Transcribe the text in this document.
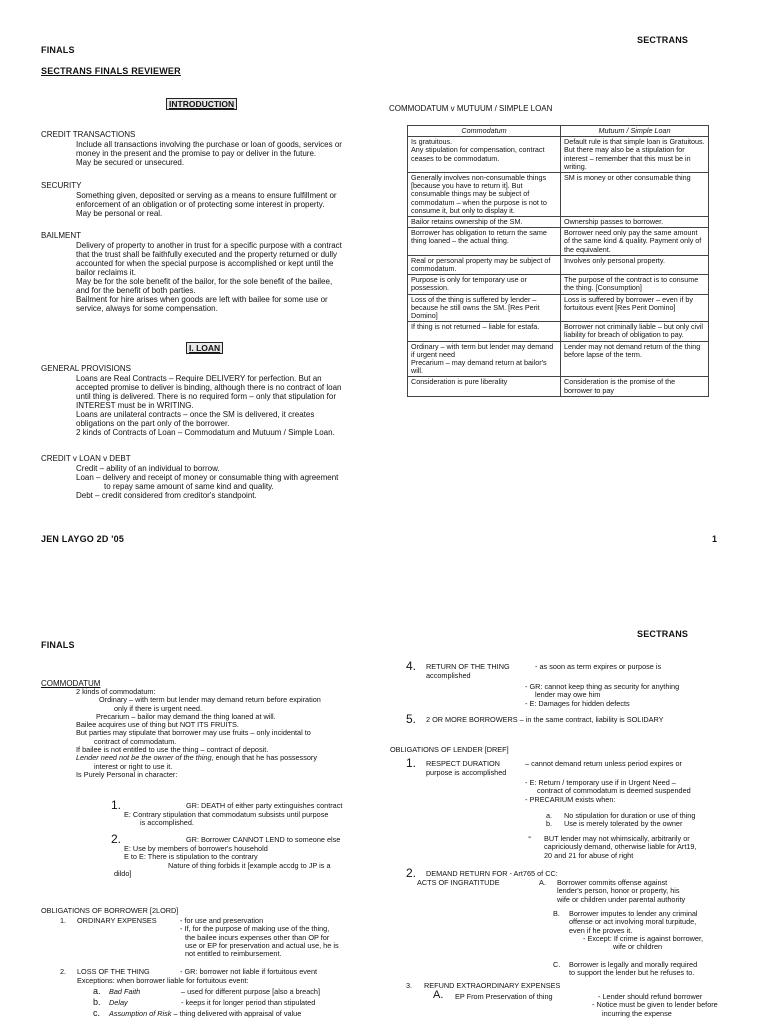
FINALS
SECTRANS
SECTRANS FINALS REVIEWER
INTRODUCTION
CREDIT TRANSACTIONS
Include all transactions involving the purchase or loan of goods, services or
money in the present and the promise to pay or deliver in the future.
May be secured or unsecured.
SECURITY
Something given, deposited or serving as a means to ensure fulfillment or
enforcement of an obligation or of protecting some interest in property.
May be personal or real.
BAILMENT
Delivery of property to another in trust for a specific purpose with a contract
that the trust shall be faithfully executed and the property returned or dully
accounted for when the special purpose is accomplished or kept until the
bailor reclaims it.
May be for the sole benefit of the bailor, for the sole benefit of the bailee,
and for the benefit of both parties.
Bailment for hire arises when goods are left with bailee for some use or
service, always for some compensation.
I. LOAN
GENERAL PROVISIONS
Loans are Real Contracts – Require DELIVERY for perfection. But an
accepted promise to deliver is binding, although there is no contract of loan
until thing is delivered. There is no required form – only that stipulation for
INTEREST must be in WRITING.
Loans are unilateral contracts – once the SM is delivered, it creates
obligations on the part only of the borrower.
2 kinds of Contracts of Loan – Commodatum and Mutuum / Simple Loan.
CREDIT v LOAN v DEBT
Credit – ability of an individual to borrow.
Loan – delivery and receipt of money or consumable thing with agreement
to repay same amount of same kind and quality.
Debt – credit considered from creditor's standpoint.
COMMODATUM v MUTUUM / SIMPLE LOAN
Commodatum	Mutuum / Simple Loan
Is gratuitous.
Any stipulation for compensation, contract ceases to be commodatum.	Default rule is that simple loan is Gratuitous. But there may also be a stipulation for interest – remember that this must be in writing.
Generally involves non-consumable things [because you have to return it]. But consumable things may be subject of commodatum – when the purpose is not to consume it, but only to display it.	SM is money or other consumable thing
Bailor retains ownership of the SM.	Ownership passes to borrower.
Borrower has obligation to return the same thing loaned – the actual thing.	Borrower need only pay the same amount of the same kind & quality. Payment only of the equivalent.
Real or personal property may be subject of commodatum.	Involves only personal property.
Purpose is only for temporary use or possession.	The purpose of the contract is to consume the thing. [Consumption]
Loss of the thing is suffered by lender – because he still owns the SM. [Res Perit Domino]	Loss is suffered by borrower – even if by fortuitous event [Res Perit Domino]
If thing is not returned – liable for estafa.	Borrower not criminally liable – but only civil liability for breach of obligation to pay.
Ordinary – with term but lender may demand if urgent need
Precarium – may demand return at bailor's will.	Lender may not demand return of the thing before lapse of the term.
Consideration is pure liberality	Consideration is the promise of the borrower to pay
JEN LAYGO 2D '05	1
FINALS
SECTRANS
COMMODATUM
2 kinds of commodatum:
Ordinary – with term but lender may demand return before expiration
only if there is urgent need.
Precarium – bailor may demand the thing loaned at will.
Bailee acquires use of thing but NOT ITS FRUITS.
But parties may stipulate that borrower may use fruits – only incidental to
contract of commodatum.
If bailee is not entitled to use the thing – contract of deposit.
Lender need not be the owner of the thing, enough that he has possessory
interest or right to use it.
Is Purely Personal in character:
1.	GR: DEATH of either party extinguishes contract
E: Contrary stipulation that commodatum subsists until purpose
is accomplished.
2.	GR: Borrower CANNOT LEND to someone else
E: Use by members of borrower's household
E to E: There is stipulation to the contrary
Nature of thing forbids it [example accdg to JP is a
dildo]
OBLIGATIONS OF BORROWER [2LORD]
1. ORDINARY EXPENSES	- for use and preservation
- If, for the purpose of making use of the thing,
the bailee incurs expenses other than OP for
use or EP for preservation and actual use, he is
not entitled to reimbursement.
2. LOSS OF THE THING	- GR: borrower not liable if fortuitous event
Exceptions: when borrower liable for fortuitous event:
a. Bad Faith	– used for different purpose [also a breach]
b. Delay	- keeps it for longer period than stipulated
c. Assumption of Risk – thing delivered with appraisal of value
4. RETURN OF THE THING	- as soon as term expires or purpose is
accomplished
- GR: cannot keep thing as security for anything
lender may owe him
- E: Damages for hidden defects
5. 2 OR MORE BORROWERS – in the same contract, liability is SOLIDARY
OBLIGATIONS OF LENDER [DREF]
1. RESPECT DURATION	– cannot demand return unless period expires or
purpose is accomplished
- E: Return / temporary use if in Urgent Need –
contract of commodatum is deemed suspended
- PRECARIUM exists when:
a. No stipulation for duration or use of thing
b. Use is merely tolerated by the owner
- BUT lender may not whimsically, arbitrarily or
capriciously demand, otherwise liable for Art19,
20 and 21 for abuse of right
2. DEMAND RETURN FOR - Art765 of CC:
ACTS OF INGRATITUDE	A.	Borrower commits offense against
lender's person, honor or property, his
wife or children under parental authority
B.	Borrower imputes to lender any criminal
offense or act involving moral turpitude,
even if he proves it.
- Except: If crime is against borrower,
wife or children
C.	Borrower is legally and morally required
to support the lender but he refuses to.
3. REFUND EXTRAORDINARY EXPENSES
A. EP From Preservation of thing	- Lender should refund borrower
- Notice must be given to lender before
incurring the expense
